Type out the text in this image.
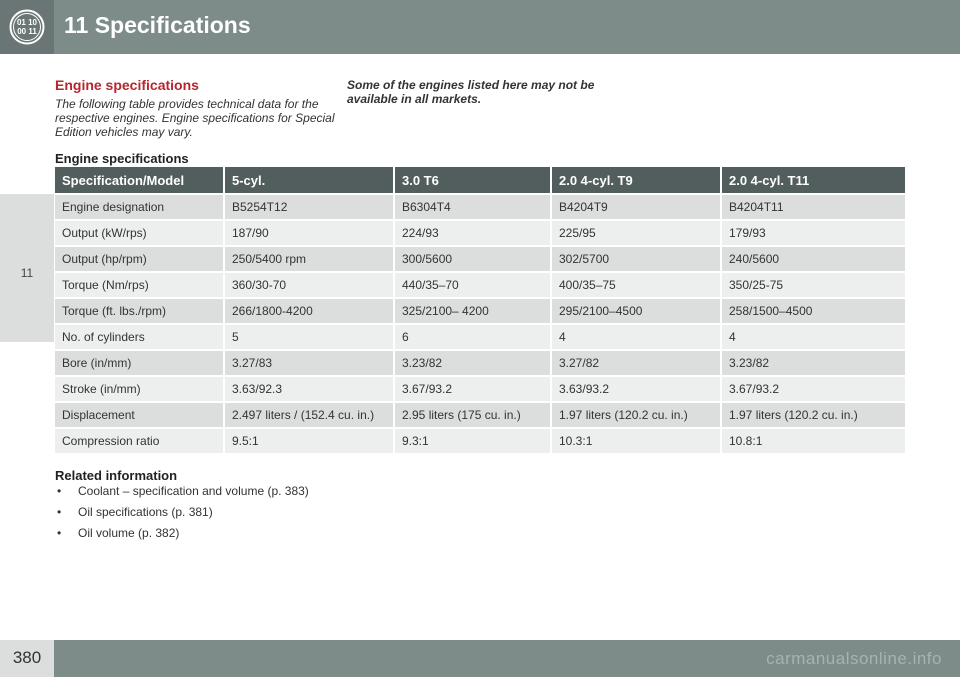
01 10
00 11 11 Specifications
11
Engine specifications

The following table provides technical data for the respective engines. Engine specifications for Special Edition vehicles may vary.

Some of the engines listed here may not be available in all markets.

Engine specifications
Specification/Model	5-cyl.	3.0 T6	2.0 4-cyl. T9	2.0 4-cyl. T11
Engine designation	B5254T12	B6304T4	B4204T9	B4204T11
Output (kW/rps)	187/90	224/93	225/95	179/93
Output (hp/rpm)	250/5400 rpm	300/5600	302/5700	240/5600
Torque (Nm/rps)	360/30-70	440/35–70	400/35–75	350/25-75
Torque (ft. lbs./rpm)	266/1800-4200	325/2100– 4200	295/2100–4500	258/1500–4500
No. of cylinders	5	6	4	4
Bore (in/mm)	3.27/83	3.23/82	3.27/82	3.23/82
Stroke (in/mm)	3.63/92.3	3.67/93.2	3.63/93.2	3.67/93.2
Displacement	2.497 liters / (152.4 cu. in.)	2.95 liters (175 cu. in.)	1.97 liters (120.2 cu. in.)	1.97 liters (120.2 cu. in.)
Compression ratio	9.5:1	9.3:1	10.3:1	10.8:1
Related information
• Coolant – specification and volume (p. 383)
• Oil specifications (p. 381)
• Oil volume (p. 382)
380	carmanualsonline.info
